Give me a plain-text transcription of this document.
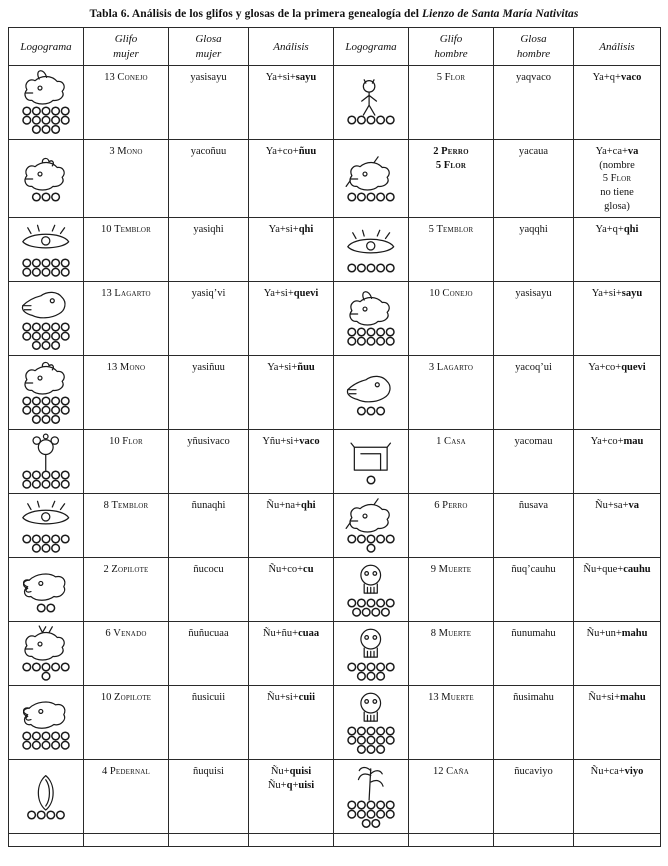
Tabla 6. Análisis de los glifos y glosas de la primera genealogía del Lienzo de Santa María Nativitas
Logograma

Glifo
mujer

Glosa
mujer

Análisis	Logograma

Glifo
hombre

Glosa
hombre

Análisis

13 Conejo	yasisayu	Ya+si+sayu		5 Flor	yaqvaco	Ya+q+vaco

3 Mono	yacoñuu	Ya+co+ñuu		2 Perro
5 Flor
	yacaua	Ya+ca+va
(nombre
5 Flor
no tiene
glosa)

10 Temblor	yasiqhi	Ya+si+qhi		5 Temblor	yaqqhi	Ya+q+qhi

13 Lagarto	yasiq’vi	Ya+si+quevi		10 Conejo	yasisayu	Ya+si+sayu

13 Mono	yasiñuu	Ya+si+ñuu		3 Lagarto	yacoq’ui	Ya+co+quevi

10 Flor	yñusivaco	Yñu+si+vaco		1 Casa	yacomau	Ya+co+mau

8 Temblor	ñunaqhi	Ñu+na+qhi		6 Perro	ñusava	Ñu+sa+va

2 Zopilote	ñucocu	Ñu+co+cu		9 Muerte	ñuq’cauhu	Ñu+que+cauhu

6 Venado	ñuñucuaa	Ñu+ñu+cuaa		8 Muerte	ñunumahu	Ñu+un+mahu

10 Zopilote	ñusicuii	Ñu+si+cuii		13 Muerte	ñusimahu	Ñu+si+mahu

4 Pedernal	ñuquisi	Ñu+quisi
Ñu+q+uisi		12 Caña	ñucaviyo	Ñu+ca+viyo
